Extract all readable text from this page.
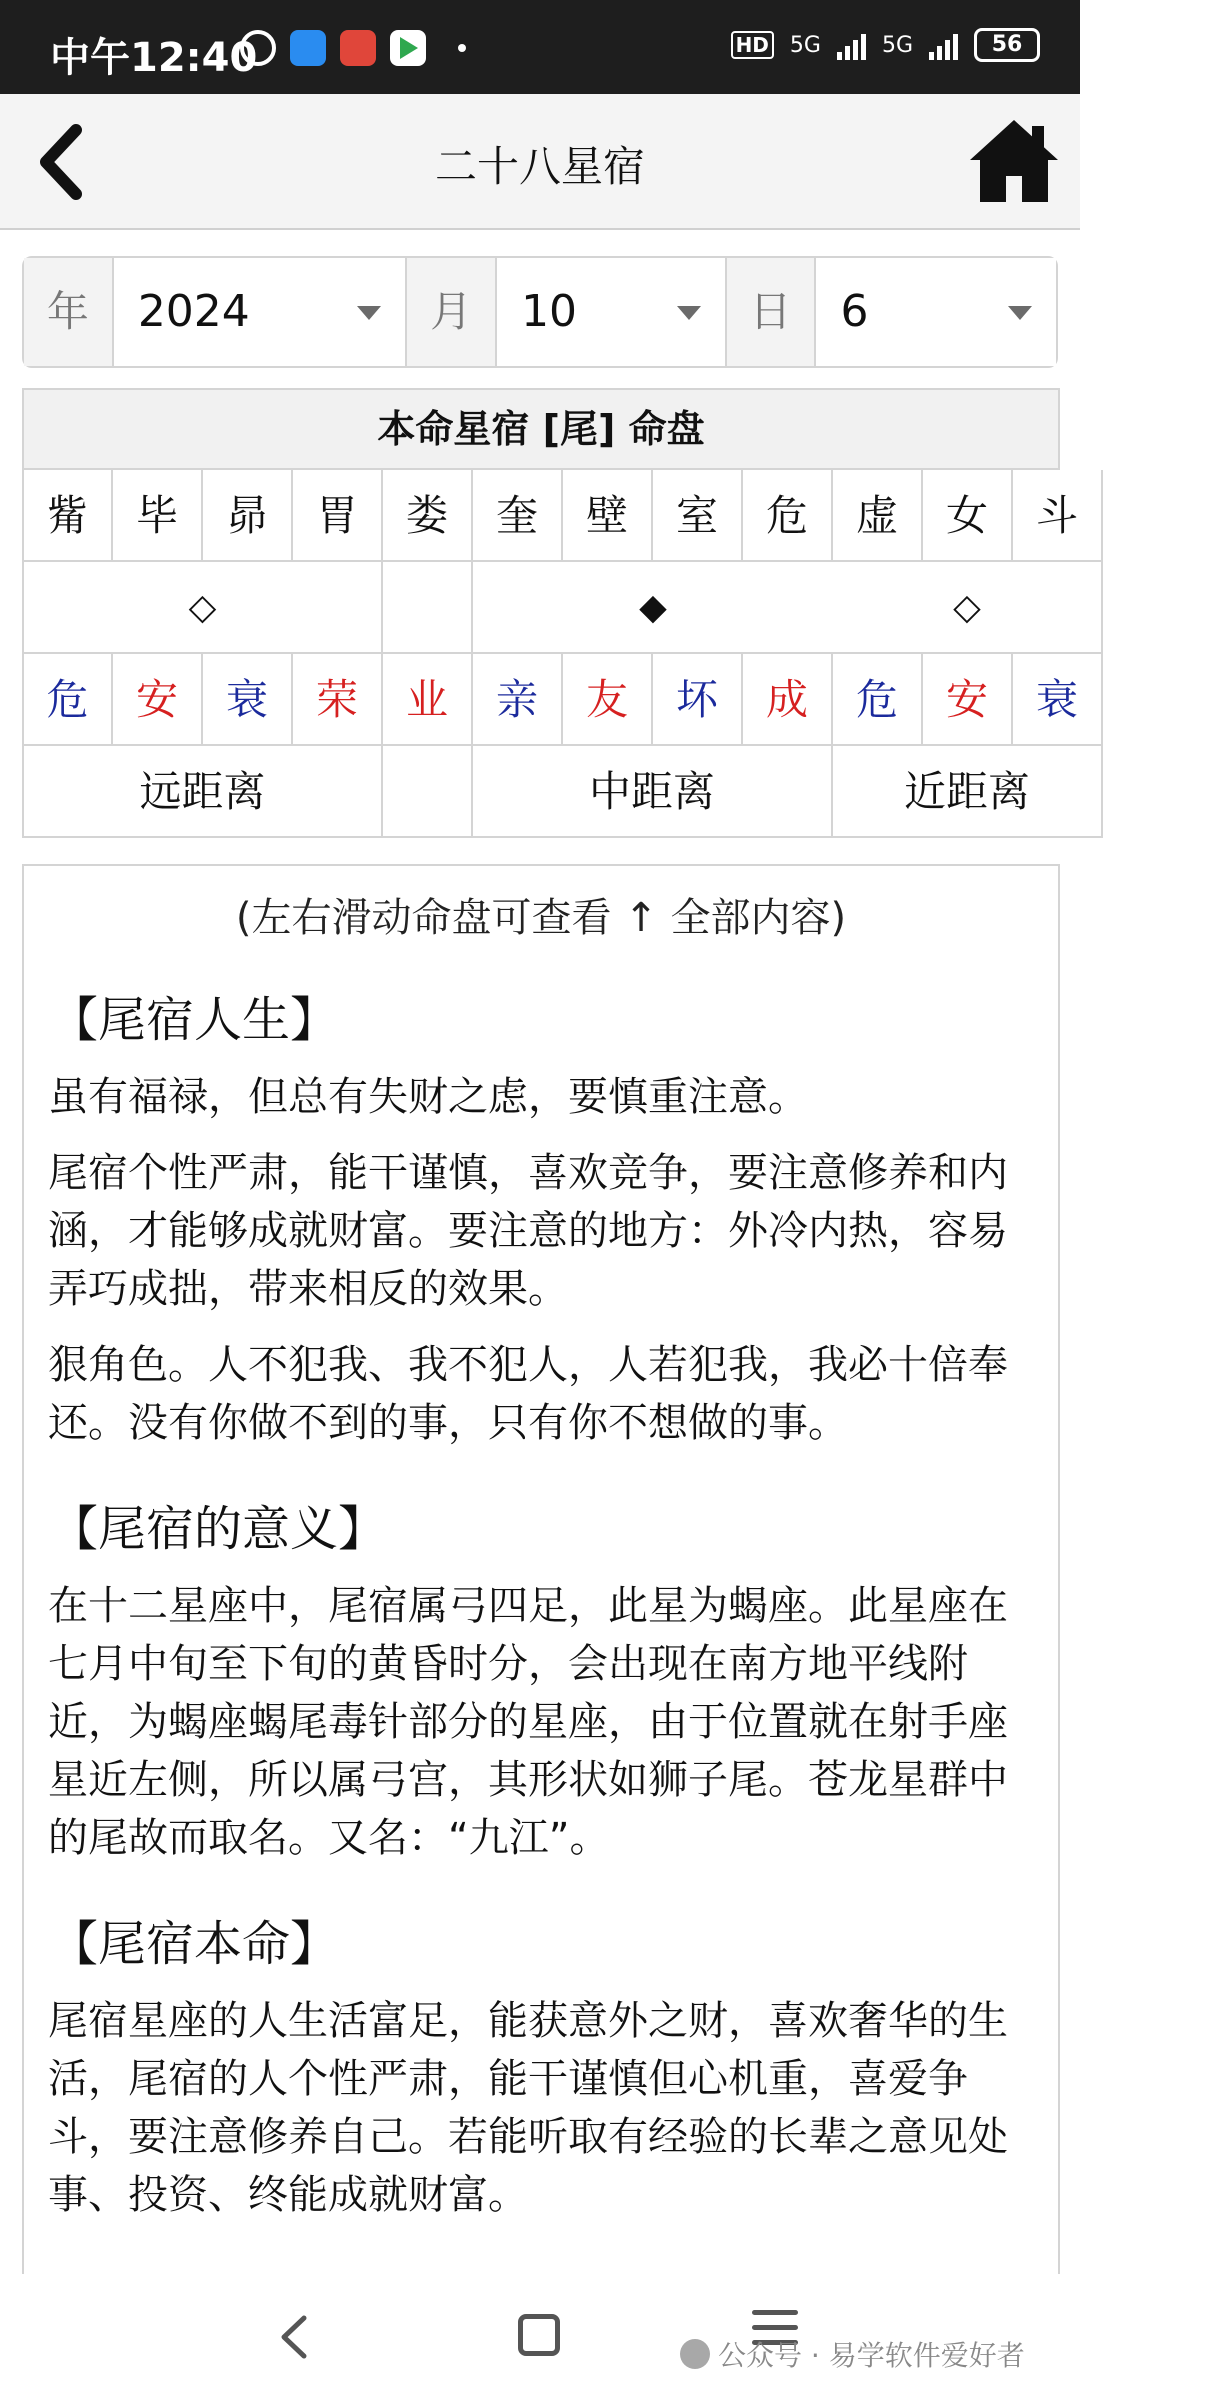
中午12:40	HD 5G	5G	56
二十八星宿
年	2024	月	10	日	6
本命星宿 [尾] 命盘
觜	毕	昴	胃	娄	奎	壁	室	危	虚	女	斗
◇	◆	◇
危	安	衰	荣	业	亲	友	坏	成	危	安	衰
远距离	中距离	近距离
(左右滑动命盘可查看 ↑ 全部内容)
【尾宿人生】

虽有福禄，但总有失财之虑，要慎重注意。

尾宿个性严肃，能干谨慎，喜欢竞争，要注意修养和内涵，才能够成就财富。要注意的地方：外冷内热，容易弄巧成拙，带来相反的效果。

狠角色。人不犯我、我不犯人，人若犯我，我必十倍奉还。没有你做不到的事，只有你不想做的事。

【尾宿的意义】

在十二星座中，尾宿属弓四足，此星为蝎座。此星座在七月中旬至下旬的黄昏时分，会出现在南方地平线附近，为蝎座蝎尾毒针部分的星座，由于位置就在射手座星近左侧，所以属弓宫，其形状如狮子尾。苍龙星群中的尾故而取名。又名：“九江”。

【尾宿本命】

尾宿星座的人生活富足，能获意外之财，喜欢奢华的生活，尾宿的人个性严肃，能干谨慎但心机重，喜爱争斗，要注意修养自己。若能听取有经验的长辈之意见处事、投资、终能成就财富。

公众号 · 易学软件爱好者
